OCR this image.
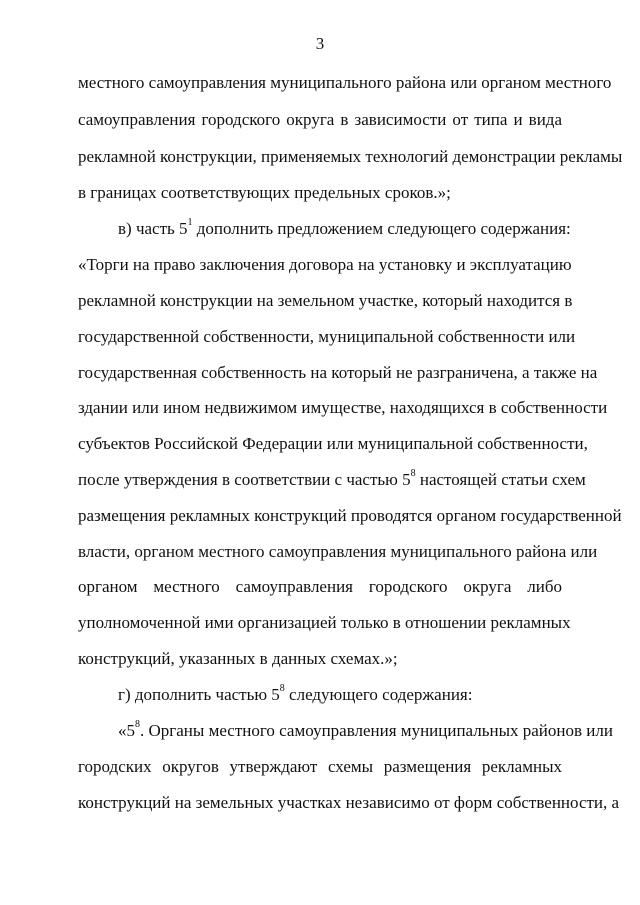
3
местного самоуправления муниципального района или органом местного
самоуправления городского округа в зависимости от типа и вида
рекламной конструкции, применяемых технологий демонстрации рекламы
в границах соответствующих предельных сроков.»;
в) часть $5^1$ дополнить предложением следующего содержания:
«Торги на право заключения договора на установку и эксплуатацию
рекламной конструкции на земельном участке, который находится в
государственной собственности, муниципальной собственности или
государственная собственность на который не разграничена, а также на
здании или ином недвижимом имуществе, находящихся в собственности
субъектов Российской Федерации или муниципальной собственности,
после утверждения в соответствии с частью $5^8$ настоящей статьи схем
размещения рекламных конструкций проводятся органом государственной
власти, органом местного самоуправления муниципального района или
органом местного самоуправления городского округа либо
уполномоченной ими организацией только в отношении рекламных
конструкций, указанных в данных схемах.»;
г) дополнить частью $5^8$ следующего содержания:
«$5^8$. Органы местного самоуправления муниципальных районов или
городских округов утверждают схемы размещения рекламных
конструкций на земельных участках независимо от форм собственности, а
